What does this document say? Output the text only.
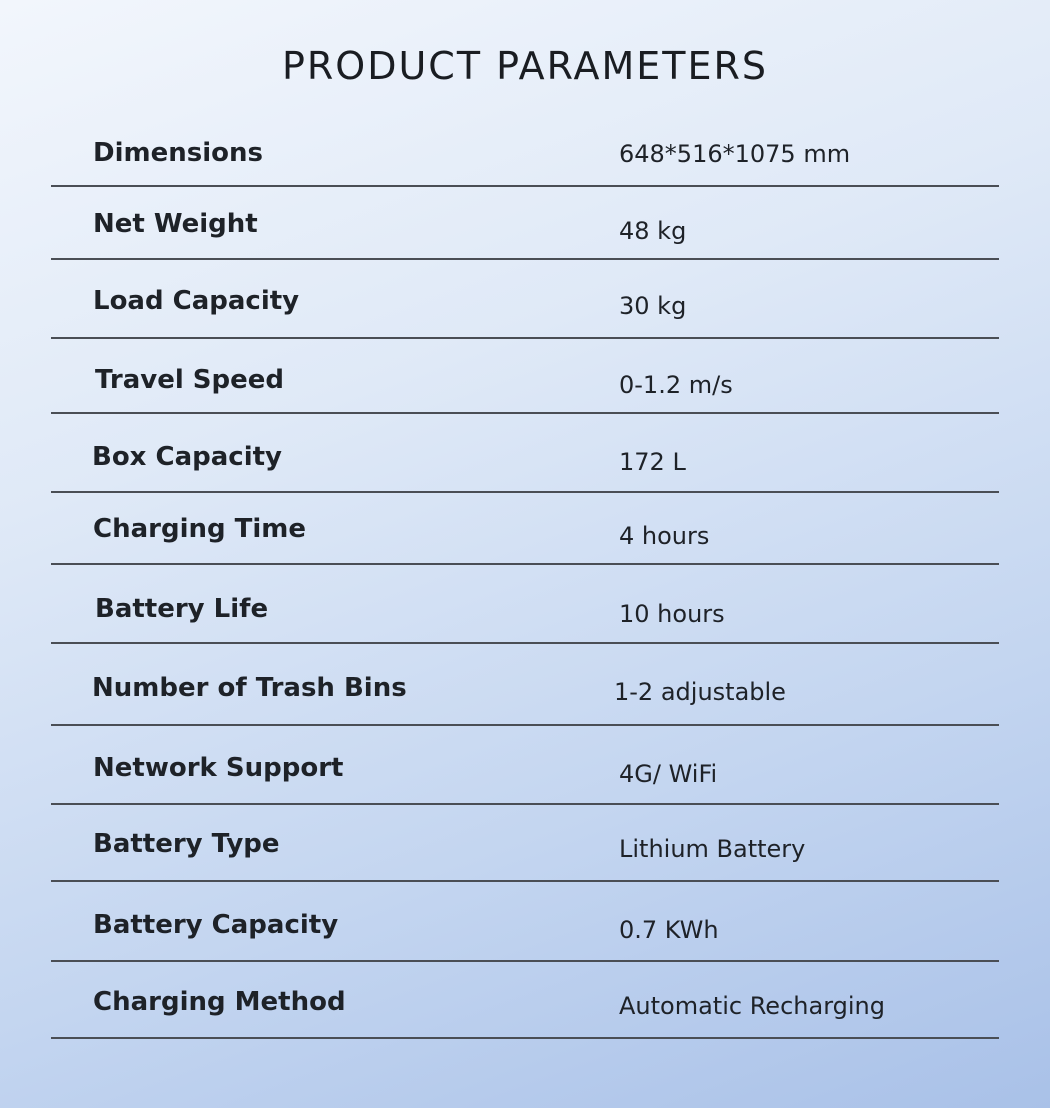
PRODUCT PARAMETERS
Dimensions	648*516*1075 mm
Net Weight	48 kg
Load Capacity	30 kg
Travel Speed	0-1.2 m/s
Box Capacity	172 L
Charging Time	4 hours
Battery Life	10 hours
Number of Trash Bins	1-2 adjustable
Network Support	4G/ WiFi
Battery Type	Lithium Battery
Battery Capacity	0.7 KWh
Charging Method	Automatic Recharging
